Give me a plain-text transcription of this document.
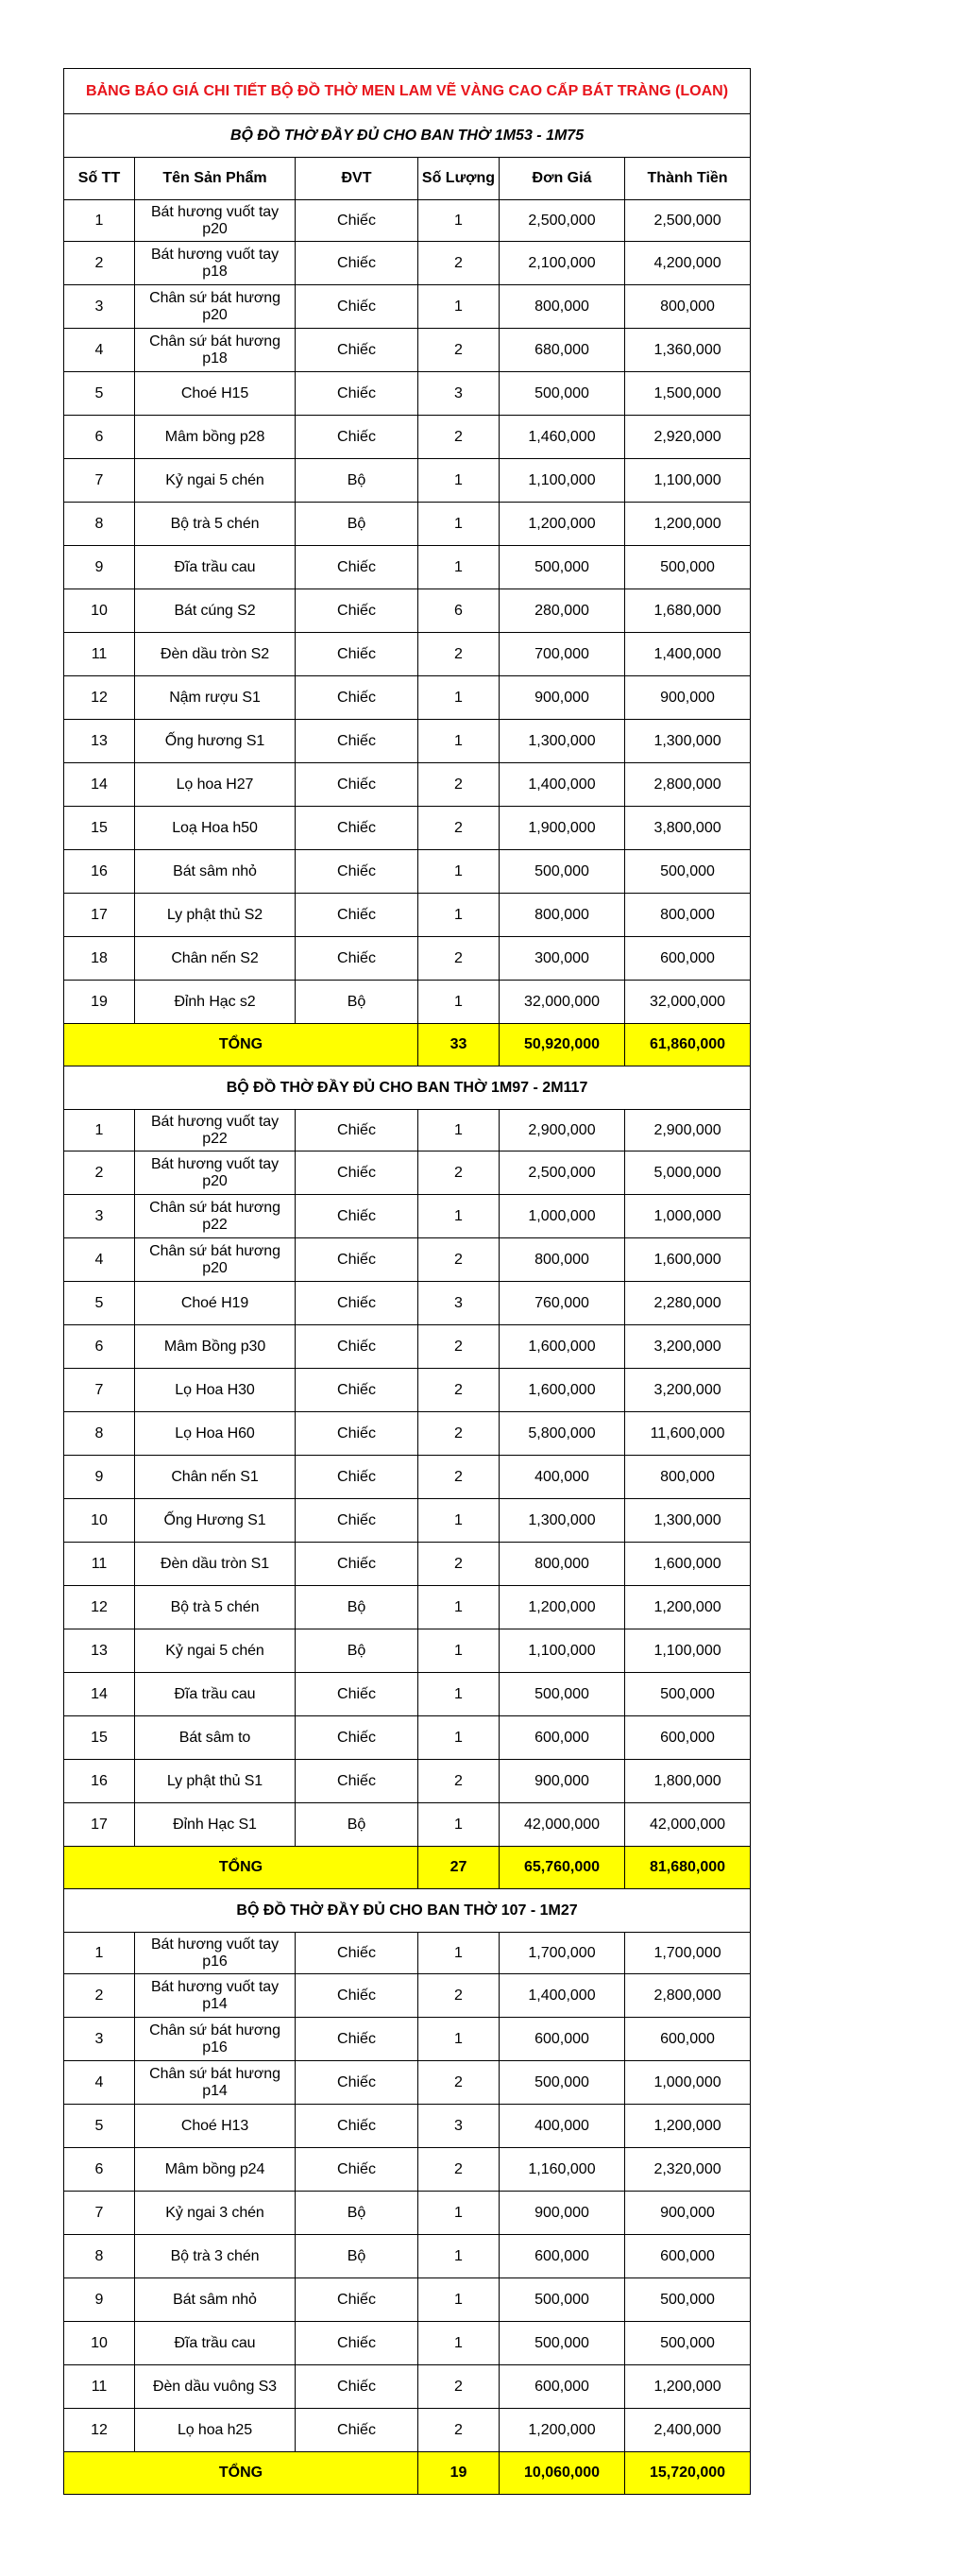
BẢNG BÁO GIÁ CHI TIẾT BỘ ĐỒ THỜ MEN LAM VẼ VÀNG CAO CẤP BÁT TRÀNG (LOAN)					
BỘ ĐỒ THỜ ĐẦY ĐỦ CHO BAN THỜ 1M53 - 1M75					
Số TT	Tên Sản Phẩm	ĐVT	Số Lượng	Đơn Giá	Thành Tiền
1	Bát hương vuốt tay p20	Chiếc	1	2,500,000	2,500,000
2	Bát hương vuốt tay p18	Chiếc	2	2,100,000	4,200,000
3	Chân sứ bát hương p20	Chiếc	1	800,000	800,000
4	Chân sứ bát hương p18	Chiếc	2	680,000	1,360,000
5	Choé H15	Chiếc	3	500,000	1,500,000
6	Mâm bồng p28	Chiếc	2	1,460,000	2,920,000
7	Kỷ ngai 5 chén	Bộ	1	1,100,000	1,100,000
8	Bộ trà 5 chén	Bộ	1	1,200,000	1,200,000
9	Đĩa trầu cau	Chiếc	1	500,000	500,000
10	Bát cúng S2	Chiếc	6	280,000	1,680,000
11	Đèn dầu tròn S2	Chiếc	2	700,000	1,400,000
12	Nậm rượu S1	Chiếc	1	900,000	900,000
13	Ống hương S1	Chiếc	1	1,300,000	1,300,000
14	Lọ hoa H27	Chiếc	2	1,400,000	2,800,000
15	Loạ Hoa h50	Chiếc	2	1,900,000	3,800,000
16	Bát sâm nhỏ	Chiếc	1	500,000	500,000
17	Ly phật thủ S2	Chiếc	1	800,000	800,000
18	Chân nến S2	Chiếc	2	300,000	600,000
19	Đỉnh Hạc s2	Bộ	1	32,000,000	32,000,000
TỔNG			33	50,920,000	61,860,000
BỘ ĐỒ THỜ ĐẦY ĐỦ CHO BAN THỜ 1M97 - 2M117					
1	Bát hương vuốt tay p22	Chiếc	1	2,900,000	2,900,000
2	Bát hương vuốt tay p20	Chiếc	2	2,500,000	5,000,000
3	Chân sứ bát hương p22	Chiếc	1	1,000,000	1,000,000
4	Chân sứ bát hương p20	Chiếc	2	800,000	1,600,000
5	Choé H19	Chiếc	3	760,000	2,280,000
6	Mâm Bồng p30	Chiếc	2	1,600,000	3,200,000
7	Lọ Hoa H30	Chiếc	2	1,600,000	3,200,000
8	Lọ Hoa H60	Chiếc	2	5,800,000	11,600,000
9	Chân nến S1	Chiếc	2	400,000	800,000
10	Ống Hương S1	Chiếc	1	1,300,000	1,300,000
11	Đèn dầu tròn S1	Chiếc	2	800,000	1,600,000
12	Bộ trà 5 chén	Bộ	1	1,200,000	1,200,000
13	Kỷ ngai 5 chén	Bộ	1	1,100,000	1,100,000
14	Đĩa trầu cau	Chiếc	1	500,000	500,000
15	Bát sâm to	Chiếc	1	600,000	600,000
16	Ly phật thủ S1	Chiếc	2	900,000	1,800,000
17	Đỉnh Hạc S1	Bộ	1	42,000,000	42,000,000
TỔNG			27	65,760,000	81,680,000
BỘ ĐỒ THỜ ĐẦY ĐỦ CHO BAN THỜ 107 - 1M27					
1	Bát hương vuốt tay p16	Chiếc	1	1,700,000	1,700,000
2	Bát hương vuốt tay p14	Chiếc	2	1,400,000	2,800,000
3	Chân sứ bát hương p16	Chiếc	1	600,000	600,000
4	Chân sứ bát hương p14	Chiếc	2	500,000	1,000,000
5	Choé H13	Chiếc	3	400,000	1,200,000
6	Mâm bồng p24	Chiếc	2	1,160,000	2,320,000
7	Kỷ ngai 3 chén	Bộ	1	900,000	900,000
8	Bộ trà 3 chén	Bộ	1	600,000	600,000
9	Bát sâm nhỏ	Chiếc	1	500,000	500,000
10	Đĩa trầu cau	Chiếc	1	500,000	500,000
11	Đèn dầu vuông S3	Chiếc	2	600,000	1,200,000
12	Lọ hoa h25	Chiếc	2	1,200,000	2,400,000
TỔNG			19	10,060,000	15,720,000
